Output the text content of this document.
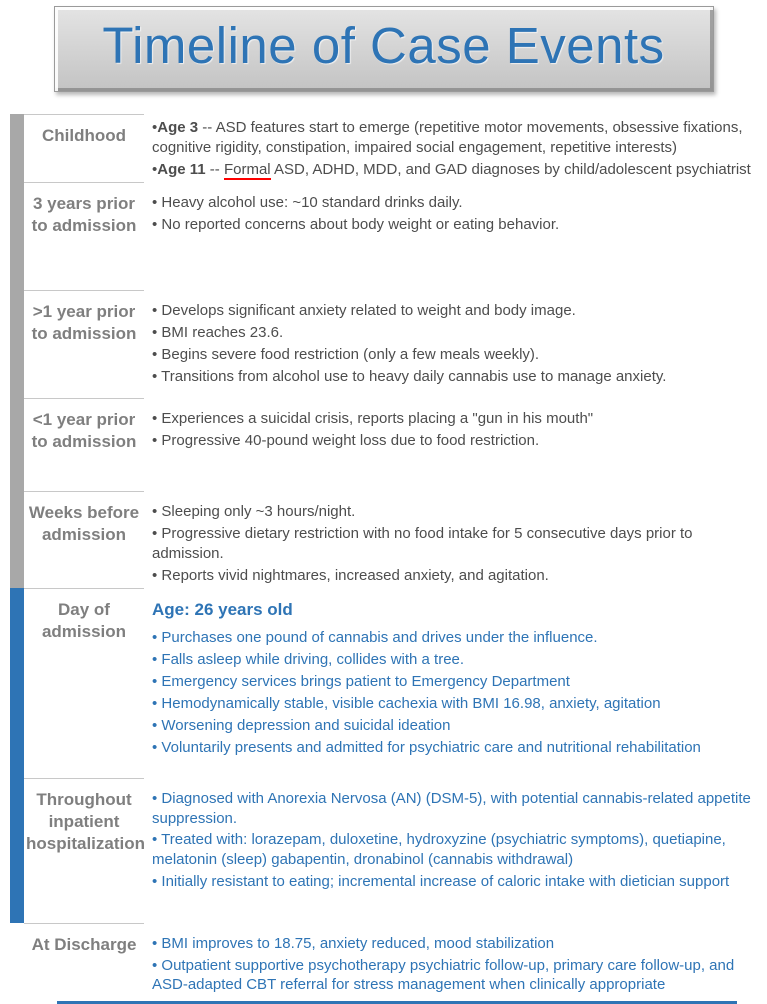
Timeline of Case Events
Childhood	•Age 3 -- ASD features start to emerge (repetitive motor movements, obsessive fixations, cognitive rigidity, constipation, impaired social engagement, repetitive interests)
•Age 11 -- Formal ASD, ADHD, MDD, and GAD diagnoses by child/adolescent psychiatrist
3 years prior to admission
• Heavy alcohol use: ~10 standard drinks daily.
• No reported concerns about body weight or eating behavior.
>1 year prior to admission
• Develops significant anxiety related to weight and body image.
• BMI reaches 23.6.
• Begins severe food restriction (only a few meals weekly).
• Transitions from alcohol use to heavy daily cannabis use to manage anxiety.
<1 year prior to admission
• Experiences a suicidal crisis, reports placing a "gun in his mouth"
• Progressive 40-pound weight loss due to food restriction.
Weeks before admission
• Sleeping only ~3 hours/night.
• Progressive dietary restriction with no food intake for 5 consecutive days prior to admission.
• Reports vivid nightmares, increased anxiety, and agitation.
Day of admission
Age: 26 years old
• Purchases one pound of cannabis and drives under the influence.
• Falls asleep while driving, collides with a tree.
• Emergency services brings patient to Emergency Department
• Hemodynamically stable, visible cachexia with BMI 16.98, anxiety, agitation
• Worsening depression and suicidal ideation
• Voluntarily presents and admitted for psychiatric care and nutritional rehabilitation
Throughout inpatient hospitalization
• Diagnosed with Anorexia Nervosa (AN) (DSM-5), with potential cannabis-related appetite suppression.
• Treated with: lorazepam, duloxetine, hydroxyzine (psychiatric symptoms), quetiapine, melatonin (sleep) gabapentin, dronabinol (cannabis withdrawal)
• Initially resistant to eating; incremental increase of caloric intake with dietician support
At Discharge	• BMI improves to 18.75, anxiety reduced, mood stabilization
• Outpatient supportive psychotherapy psychiatric follow-up, primary care follow-up, and ASD-adapted CBT referral for stress management when clinically appropriate
